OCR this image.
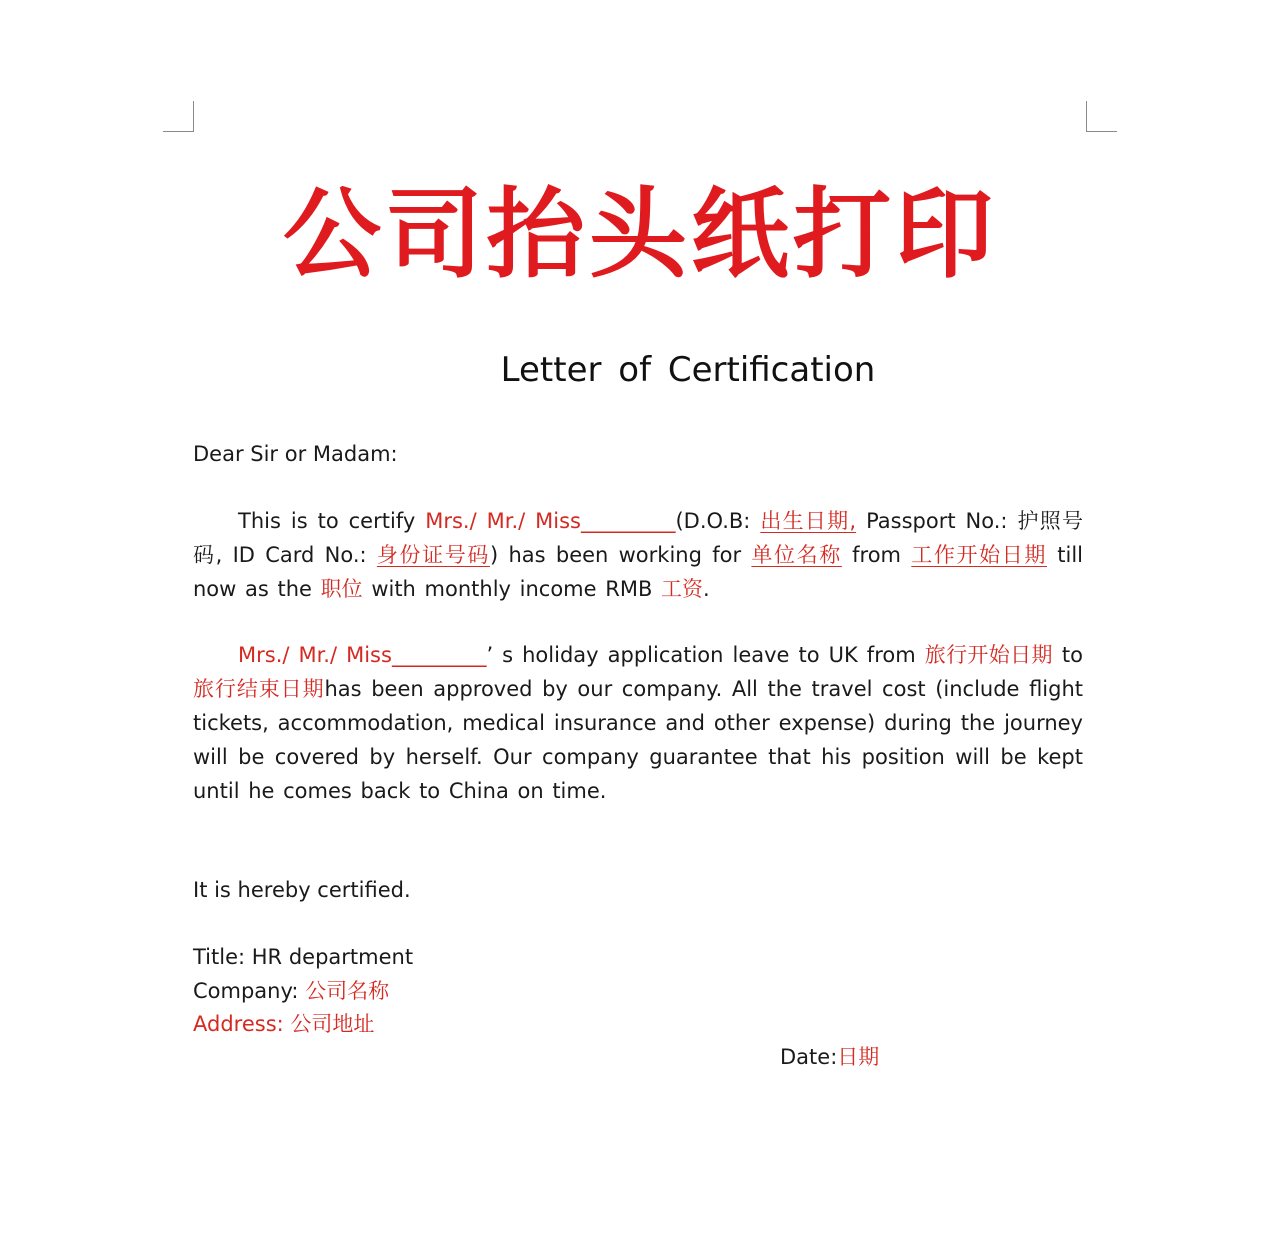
公司抬头纸打印
Letter of Certification
Dear Sir or Madam:
This is to certify Mrs./ Mr./ Miss_________(D.O.B: 出生日期, Passport No.: 护照号码, ID Card No.: 身份证号码) has been working for 单位名称 from 工作开始日期 till now as the 职位 with monthly income RMB 工资.
Mrs./ Mr./ Miss_________’ s holiday application leave to UK from 旅行开始日期 to 旅行结束日期has been approved by our company. All the travel cost (include flight tickets, accommodation, medical insurance and other expense) during the journey will be covered by herself. Our company guarantee that his position will be kept until he comes back to China on time.
It is hereby certified.
Title: HR department
Company: 公司名称
Address: 公司地址
Date:日期
